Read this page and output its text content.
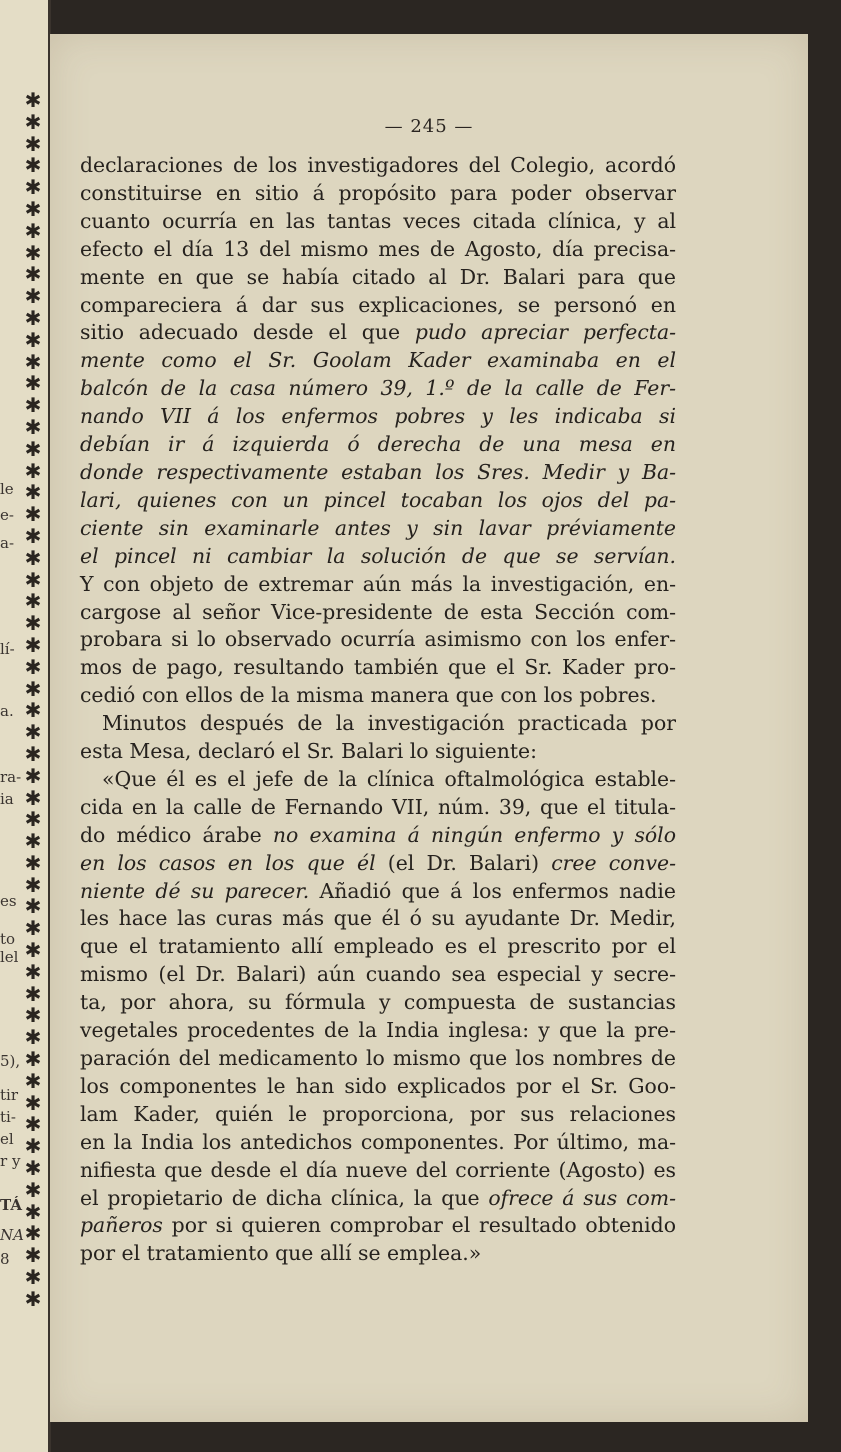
✱
✱
✱
✱
✱
✱
✱
✱
✱
✱
✱
✱
✱
✱
✱
✱
✱
✱
✱
✱
✱
✱
✱
✱
✱
✱
✱
✱
✱
✱
✱
✱
✱
✱
✱
✱
✱
✱
✱
✱
✱
✱
✱
✱
✱
✱
✱
✱
✱
✱
✱
✱
✱
✱
✱
✱
le
e-
a-
lí-
a.
ra-
ia
es
to
lel
5),
tir
ti-
el
r y
TÁ
NA
8
— 245 —
declaraciones de los investigadores del Colegio, acordó
constituirse en sitio á propósito para poder observar
cuanto ocurría en las tantas veces citada clínica, y al
efecto el día 13 del mismo mes de Agosto, día precisa-
mente en que se había citado al Dr. Balari para que
compareciera á dar sus explicaciones, se personó en
sitio adecuado desde el que pudo apreciar perfecta-
mente como el Sr. Goolam Kader examinaba en el
balcón de la casa número 39, 1.º de la calle de Fer-
nando VII á los enfermos pobres y les indicaba si
debían ir á izquierda ó derecha de una mesa en
donde respectivamente estaban los Sres. Medir y Ba-
lari, quienes con un pincel tocaban los ojos del pa-
ciente sin examinarle antes y sin lavar préviamente
el pincel ni cambiar la solución de que se servían.
Y con objeto de extremar aún más la investigación, en-
cargose al señor Vice-presidente de esta Sección com-
probara si lo observado ocurría asimismo con los enfer-
mos de pago, resultando también que el Sr. Kader pro-
cedió con ellos de la misma manera que con los pobres.
Minutos después de la investigación practicada por
esta Mesa, declaró el Sr. Balari lo siguiente:
«Que él es el jefe de la clínica oftalmológica estable-
cida en la calle de Fernando VII, núm. 39, que el titula-
do médico árabe no examina á ningún enfermo y sólo
en los casos en los que él (el Dr. Balari) cree conve-
niente dé su parecer. Añadió que á los enfermos nadie
les hace las curas más que él ó su ayudante Dr. Medir,
que el tratamiento allí empleado es el prescrito por el
mismo (el Dr. Balari) aún cuando sea especial y secre-
ta, por ahora, su fórmula y compuesta de sustancias
vegetales procedentes de la India inglesa: y que la pre-
paración del medicamento lo mismo que los nombres de
los componentes le han sido explicados por el Sr. Goo-
lam Kader, quién le proporciona, por sus relaciones
en la India los antedichos componentes. Por último, ma-
nifiesta que desde el día nueve del corriente (Agosto) es
el propietario de dicha clínica, la que ofrece á sus com-
pañeros por si quieren comprobar el resultado obtenido
por el tratamiento que allí se emplea.»
